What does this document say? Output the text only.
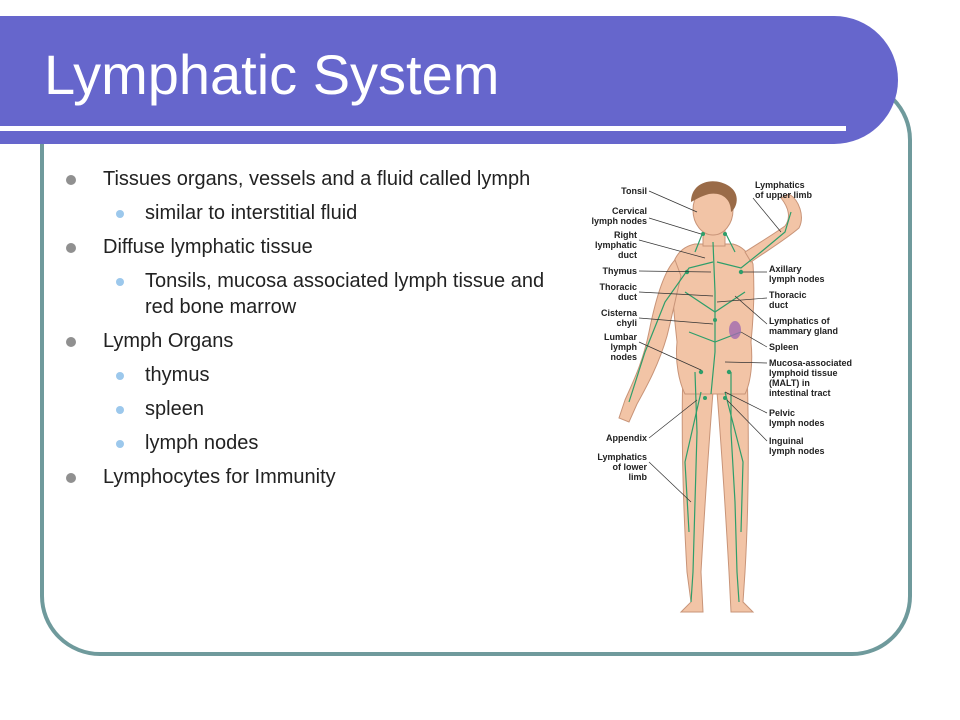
Lymphatic System
Tissues organs, vessels and a fluid called lymph
similar to interstitial fluid
Diffuse lymphatic tissue
Tonsils, mucosa associated lymph tissue and red bone marrow
Lymph Organs
thymus
spleen
lymph nodes
Lymphocytes for Immunity
Tonsil
Cervical lymph nodes
Right lymphatic duct
Thymus
Thoracic duct
Cisterna chyli
Lumbar lymph nodes
Appendix
Lymphatics of lower limb
Lymphatics of upper limb
Axillary lymph nodes
Thoracic duct
Lymphatics of mammary gland
Spleen
Mucosa-associated lymphoid tissue (MALT) in intestinal tract
Pelvic lymph nodes
Inguinal lymph nodes
